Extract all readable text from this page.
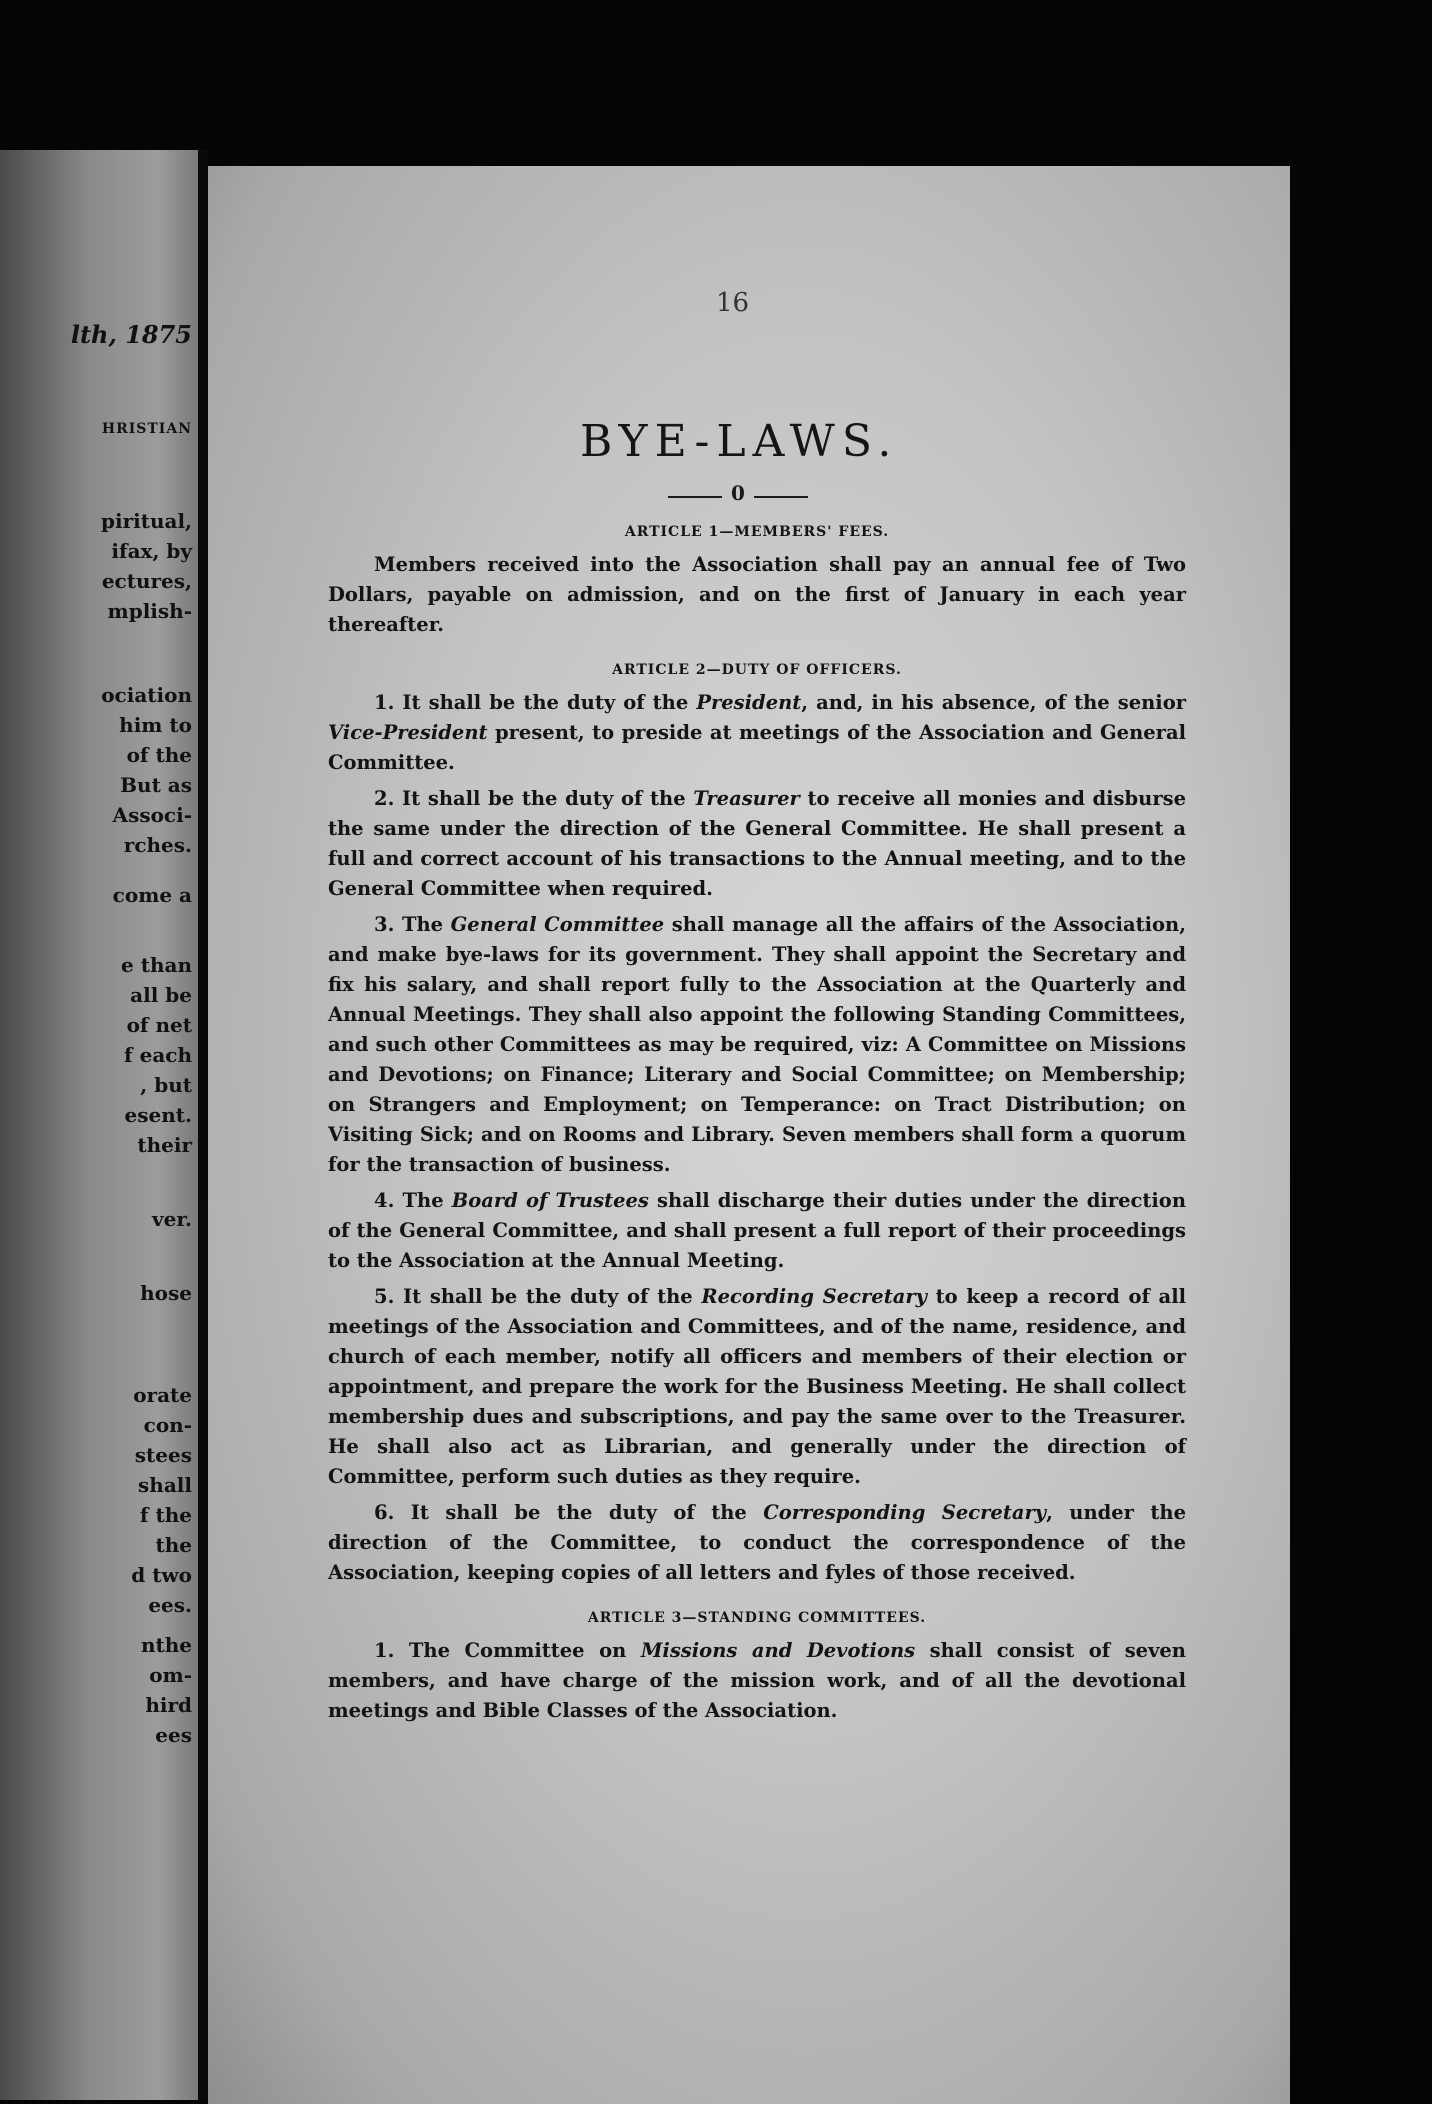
lth, 1875
HRISTIAN
piritual,
ifax, by
ectures,
mplish-
ociation
him to
of the
But as
Associ-
rches.
come a
e than
all be
of net
f each
, but
esent.
their
ver.
hose
orate
con-
stees
shall
f the
the
d two
ees.
nthe
om-
hird
ees
16
BYE-LAWS.
0
ARTICLE 1—MEMBERS' FEES.

Members received into the Association shall pay an annual fee of Two Dollars, payable on admission, and on the first of January in each year thereafter.

ARTICLE 2—DUTY OF OFFICERS.

1. It shall be the duty of the President, and, in his absence, of the senior Vice-President present, to preside at meetings of the Association and General Committee.

2. It shall be the duty of the Treasurer to receive all monies and disburse the same under the direction of the General Committee. He shall present a full and correct account of his transactions to the Annual meeting, and to the General Committee when required.

3. The General Committee shall manage all the affairs of the Association, and make bye-laws for its government. They shall appoint the Secretary and fix his salary, and shall report fully to the Association at the Quarterly and Annual Meetings. They shall also appoint the following Standing Committees, and such other Committees as may be required, viz: A Committee on Missions and Devotions; on Finance; Literary and Social Committee; on Membership; on Strangers and Employment; on Temperance: on Tract Distribution; on Visiting Sick; and on Rooms and Library. Seven members shall form a quorum for the transaction of business.

4. The Board of Trustees shall discharge their duties under the direction of the General Committee, and shall present a full report of their proceedings to the Association at the Annual Meeting.

5. It shall be the duty of the Recording Secretary to keep a record of all meetings of the Association and Committees, and of the name, residence, and church of each member, notify all officers and members of their election or appointment, and prepare the work for the Business Meeting. He shall collect membership dues and subscriptions, and pay the same over to the Treasurer. He shall also act as Librarian, and generally under the direction of Committee, perform such duties as they require.

6. It shall be the duty of the Corresponding Secretary, under the direction of the Committee, to conduct the correspondence of the Association, keeping copies of all letters and fyles of those received.

ARTICLE 3—STANDING COMMITTEES.

1. The Committee on Missions and Devotions shall consist of seven members, and have charge of the mission work, and of all the devotional meetings and Bible Classes of the Association.
